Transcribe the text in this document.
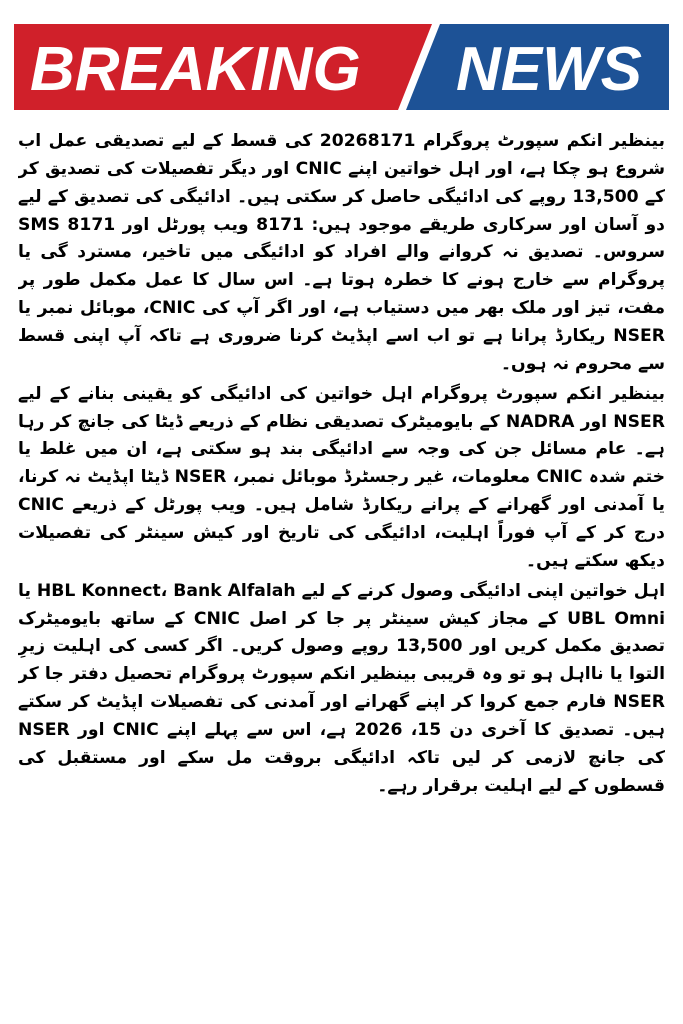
BREAKING NEWS

بینظیر انکم سپورٹ پروگرام 20268171 کی قسط کے لیے تصدیقی عمل اب شروع ہو چکا ہے، اور اہل خواتین اپنے CNIC اور دیگر تفصیلات کی تصدیق کر کے 13,500 روپے کی ادائیگی حاصل کر سکتی ہیں۔ ادائیگی کی تصدیق کے لیے دو آسان اور سرکاری طریقے موجود ہیں: 8171 ویب پورٹل اور SMS 8171 سروس۔ تصدیق نہ کروانے والے افراد کو ادائیگی میں تاخیر، مسترد گی یا پروگرام سے خارج ہونے کا خطرہ ہوتا ہے۔ اس سال کا عمل مکمل طور پر مفت، تیز اور ملک بھر میں دستیاب ہے، اور اگر آپ کی CNIC، موبائل نمبر یا NSER ریکارڈ پرانا ہے تو اب اسے اپڈیٹ کرنا ضروری ہے تاکہ آپ اپنی قسط سے محروم نہ ہوں۔

بینظیر انکم سپورٹ پروگرام اہل خواتین کی ادائیگی کو یقینی بنانے کے لیے NSER اور NADRA کے بایومیٹرک تصدیقی نظام کے ذریعے ڈیٹا کی جانچ کر رہا ہے۔ عام مسائل جن کی وجہ سے ادائیگی بند ہو سکتی ہے، ان میں غلط یا ختم شدہ CNIC معلومات، غیر رجسٹرڈ موبائل نمبر، NSER ڈیٹا اپڈیٹ نہ کرنا، یا آمدنی اور گھرانے کے پرانے ریکارڈ شامل ہیں۔ ویب پورٹل کے ذریعے CNIC درج کر کے آپ فوراً اہلیت، ادائیگی کی تاریخ اور کیش سینٹر کی تفصیلات دیکھ سکتے ہیں۔

اہل خواتین اپنی ادائیگی وصول کرنے کے لیے HBL Konnect، Bank Alfalah یا UBL Omni کے مجاز کیش سینٹر پر جا کر اصل CNIC کے ساتھ بایومیٹرک تصدیق مکمل کریں اور 13,500 روپے وصول کریں۔ اگر کسی کی اہلیت زیرِ التوا یا نااہل ہو تو وہ قریبی بینظیر انکم سپورٹ پروگرام تحصیل دفتر جا کر NSER فارم جمع کروا کر اپنے گھرانے اور آمدنی کی تفصیلات اپڈیٹ کر سکتے ہیں۔ تصدیق کا آخری دن 15، 2026 ہے، اس سے پہلے اپنے CNIC اور NSER کی جانچ لازمی کر لیں تاکہ ادائیگی بروقت مل سکے اور مستقبل کی قسطوں کے لیے اہلیت برقرار رہے۔
